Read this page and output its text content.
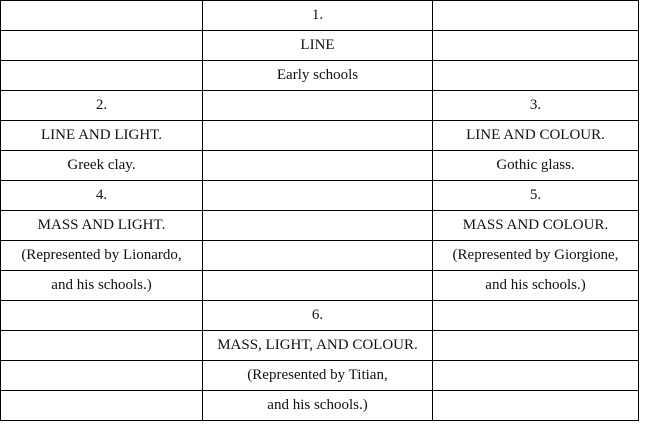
	1.	
	LINE	
	Early schools	
2.		3.
LINE AND LIGHT.		LINE AND COLOUR.
Greek clay.		Gothic glass.
4.		5.
MASS AND LIGHT.		MASS AND COLOUR.
(Represented by Lionardo,		(Represented by Giorgione,
and his schools.)		and his schools.)
	6.	
	MASS, LIGHT, AND COLOUR.	
	(Represented by Titian,	
	and his schools.)	
